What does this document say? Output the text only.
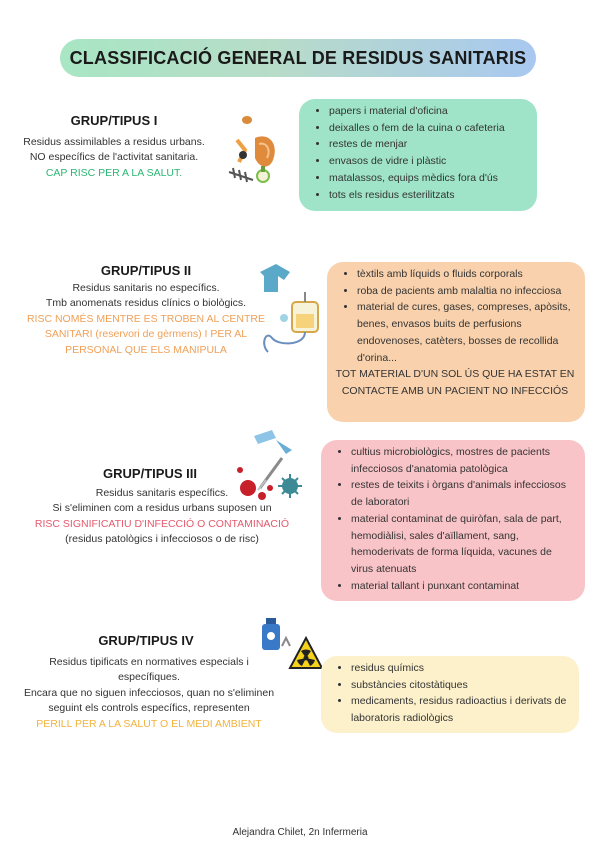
CLASSIFICACIÓ GENERAL DE RESIDUS SANITARIS
GRUP/TIPUS I
Residus assimilables a residus urbans.
NO específics de l'activitat sanitaria.
CAP RISC PER A LA SALUT.
• papers i material d'oficina
• deixalles o fem de la cuina o cafeteria
• restes de menjar
• envasos de vidre i plàstic
• matalassos, equips mèdics fora d'ús
• tots els residus esterilitzats
GRUP/TIPUS II
Residus sanitaris no específics.
Tmb anomenats residus clínics o biològics.
RISC NOMÉS MENTRE ES TROBEN AL CENTRE
SANITARI (reservori de gèrmens) I PER AL
PERSONAL QUE ELS MANIPULA
• tèxtils amb líquids o fluids corporals
• roba de pacients amb malaltia no infecciosa
• material de cures, gases, compreses, apòsits, benes, envasos buits de perfusions endovenoses, catèters, bosses de recollida d'orina...
TOT MATERIAL D'UN SOL ÚS QUE HA ESTAT EN CONTACTE AMB UN PACIENT NO INFECCIÓS
GRUP/TIPUS III
Residus sanitaris específics.
Si s'eliminen com a residus urbans suposen un
RISC SIGNIFICATIU D'INFECCIÓ O CONTAMINACIÓ
(residus patològics i infecciosos o de risc)
• cultius microbiològics, mostres de pacients infecciosos d'anatomia patològica
• restes de teixits i òrgans d'animals infecciosos de laboratori
• material contaminat de quiròfan, sala de part, hemodiàlisi, sales d'aïllament, sang, hemoderivats de forma líquida, vacunes de virus atenuats
• material tallant i punxant contaminat
GRUP/TIPUS IV
Residus tipificats en normatives especials i
específiques.
Encara que no siguen infecciosos, quan no s'eliminen
seguint els controls específics, representen
PERILL PER A LA SALUT O EL MEDI AMBIENT
• residus químics
• substàncies citostàtiques
• medicaments, residus radioactius i derivats de laboratoris radiològics
Alejandra Chilet, 2n Infermeria
